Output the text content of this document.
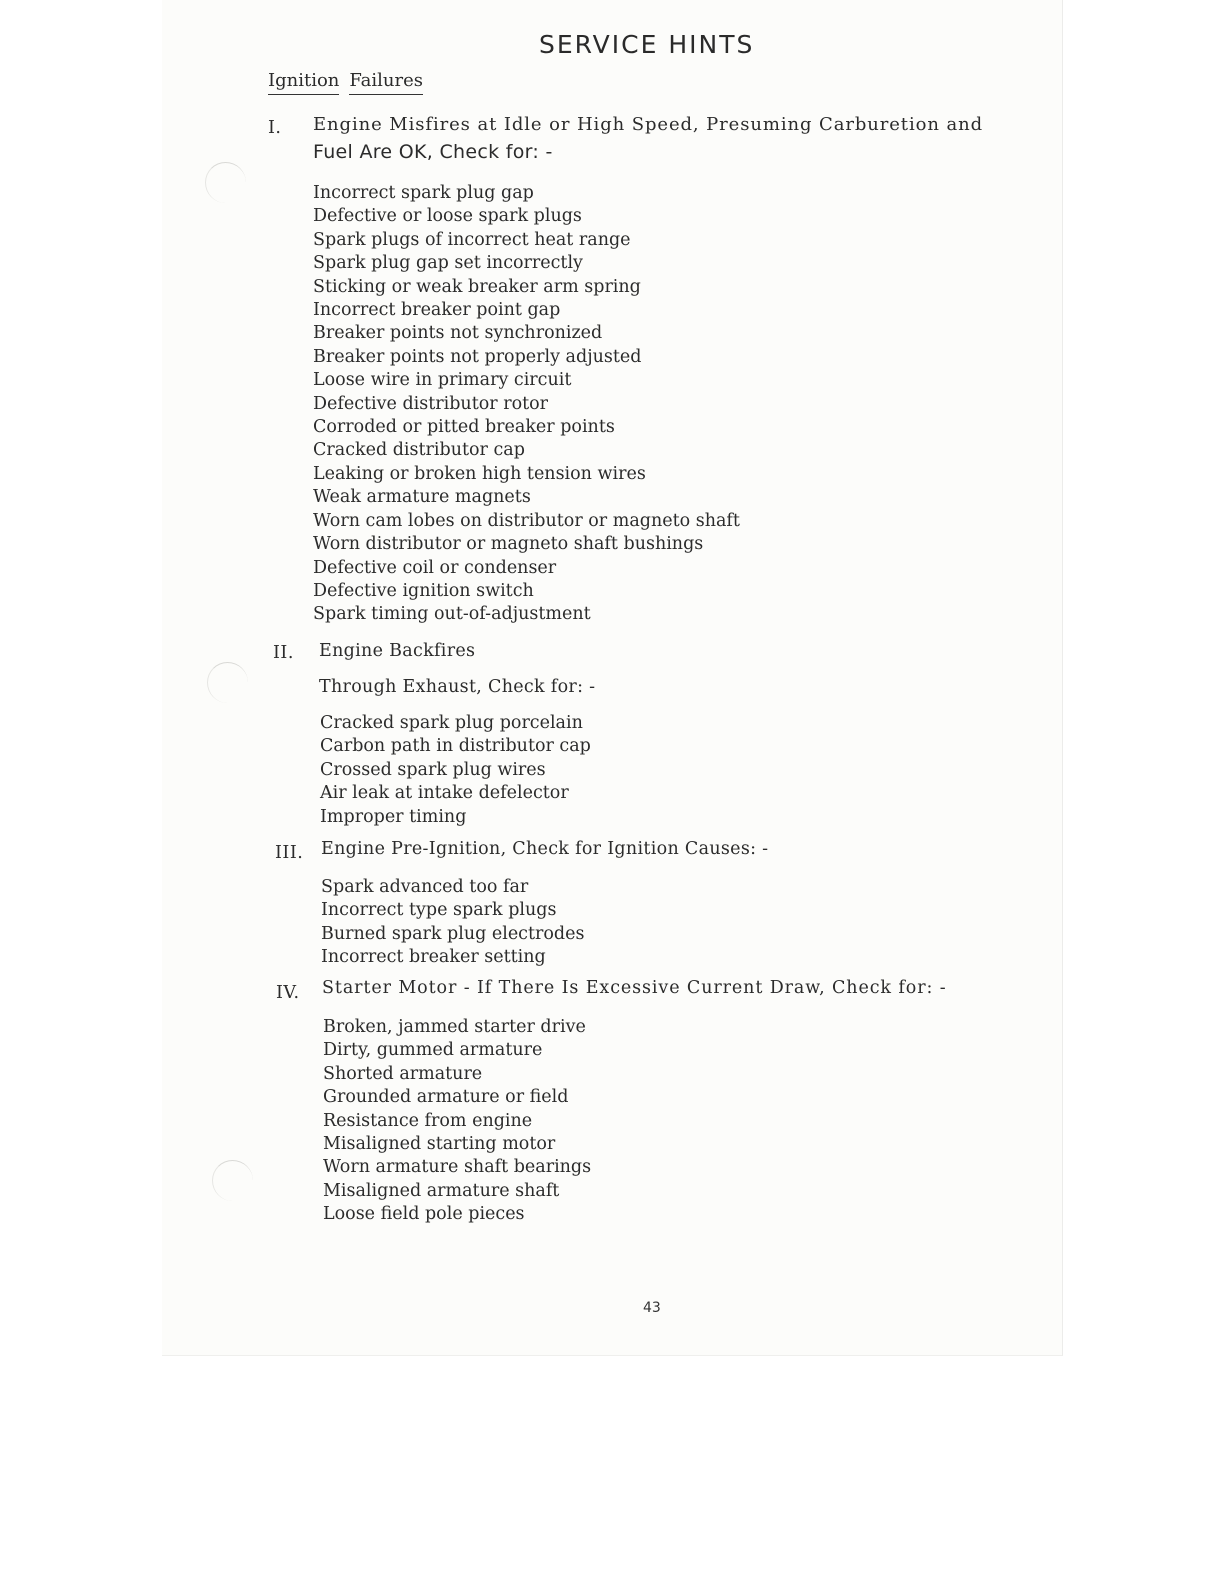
SERVICE HINTS
Ignition Failures
I. Engine Misfires at Idle or High Speed, Presuming Carburetion and
Fuel Are OK, Check for: -
Incorrect spark plug gap
Defective or loose spark plugs
Spark plugs of incorrect heat range
Spark plug gap set incorrectly
Sticking or weak breaker arm spring
Incorrect breaker point gap
Breaker points not synchronized
Breaker points not properly adjusted
Loose wire in primary circuit
Defective distributor rotor
Corroded or pitted breaker points
Cracked distributor cap
Leaking or broken high tension wires
Weak armature magnets
Worn cam lobes on distributor or magneto shaft
Worn distributor or magneto shaft bushings
Defective coil or condenser
Defective ignition switch
Spark timing out-of-adjustment
II. Engine Backfires
Through Exhaust, Check for: -
Cracked spark plug porcelain
Carbon path in distributor cap
Crossed spark plug wires
Air leak at intake defelector
Improper timing
III. Engine Pre-Ignition, Check for Ignition Causes: -
Spark advanced too far
Incorrect type spark plugs
Burned spark plug electrodes
Incorrect breaker setting
IV. Starter Motor - If There Is Excessive Current Draw, Check for: -
Broken, jammed starter drive
Dirty, gummed armature
Shorted armature
Grounded armature or field
Resistance from engine
Misaligned starting motor
Worn armature shaft bearings
Misaligned armature shaft
Loose field pole pieces
43
